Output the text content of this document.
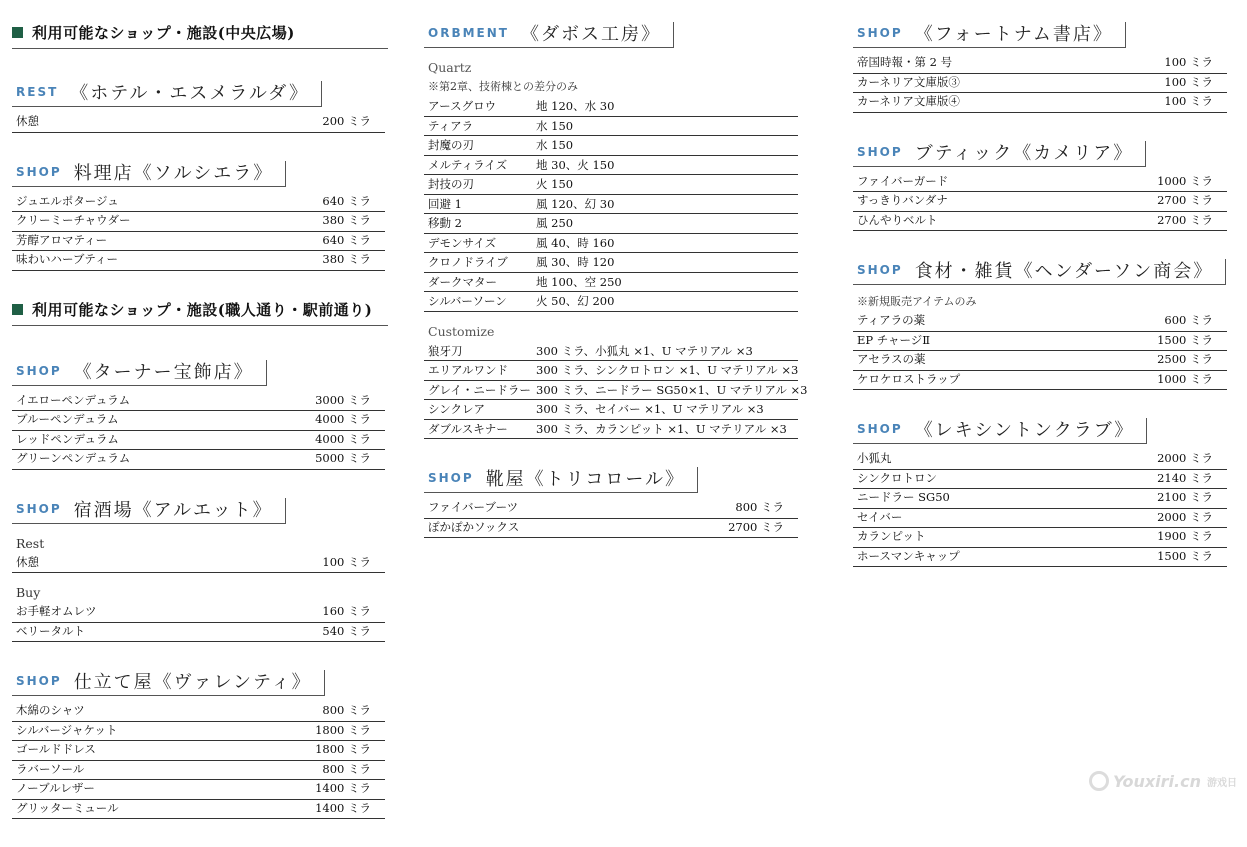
利用可能なショップ・施設(中央広場)
REST 《ホテル・エスメラルダ》
休憩	200 ミラ
SHOP 料理店《ソルシエラ》
ジュエルポタージュ	640 ミラ
クリーミーチャウダー	380 ミラ
芳醇アロマティー	640 ミラ
味わいハーブティー	380 ミラ
利用可能なショップ・施設(職人通り・駅前通り)
SHOP 《ターナー宝飾店》
イエローペンデュラム	3000 ミラ
ブルーペンデュラム	4000 ミラ
レッドペンデュラム	4000 ミラ
グリーンペンデュラム	5000 ミラ
SHOP 宿酒場《アルエット》
Rest
休憩	100 ミラ
Buy
お手軽オムレツ	160 ミラ
ベリータルト	540 ミラ
SHOP 仕立て屋《ヴァレンティ》
木綿のシャツ	800 ミラ
シルバージャケット	1800 ミラ
ゴールドドレス	1800 ミラ
ラバーソール	800 ミラ
ノーブルレザー	1400 ミラ
グリッターミュール	1400 ミラ
ORBMENT 《ダボス工房》
Quartz
※第2章、技術棟との差分のみ
アースグロウ	地 120、水 30
ティアラ	水 150
封魔の刃	水 150
メルティライズ	地 30、火 150
封技の刃	火 150
回避 1	風 120、幻 30
移動 2	風 250
デモンサイズ	風 40、時 160
クロノドライブ	風 30、時 120
ダークマター	地 100、空 250
シルバーソーン	火 50、幻 200
Customize
狼牙刀	300 ミラ、小狐丸 ×1、U マテリアル ×3
エリアルワンド	300 ミラ、シンクロトロン ×1、U マテリアル ×3
グレイ・ニードラー 300 ミラ、ニードラー SG50×1、U マテリアル ×3
シンクレア	300 ミラ、セイバー ×1、U マテリアル ×3
ダブルスキナー	300 ミラ、カランピット ×1、U マテリアル ×3
SHOP 靴屋《トリコロール》
ファイバーブーツ	800 ミラ
ぽかぽかソックス	2700 ミラ
SHOP 《フォートナム書店》
帝国時報・第 2 号	100 ミラ
カーネリア文庫版③	100 ミラ
カーネリア文庫版④	100 ミラ
SHOP ブティック《カメリア》
ファイバーガード	1000 ミラ
すっきりバンダナ	2700 ミラ
ひんやりベルト	2700 ミラ
SHOP 食材・雑貨《ヘンダーソン商会》
※新規販売アイテムのみ
ティアラの薬	600 ミラ
EP チャージⅡ	1500 ミラ
アセラスの薬	2500 ミラ
ケロケロストラップ	1000 ミラ
SHOP 《レキシントンクラブ》
小狐丸	2000 ミラ
シンクロトロン	2140 ミラ
ニードラー SG50	2100 ミラ
セイバー	2000 ミラ
カランピット	1900 ミラ
ホースマンキャップ	1500 ミラ
Youxiri.cn 游戏日
